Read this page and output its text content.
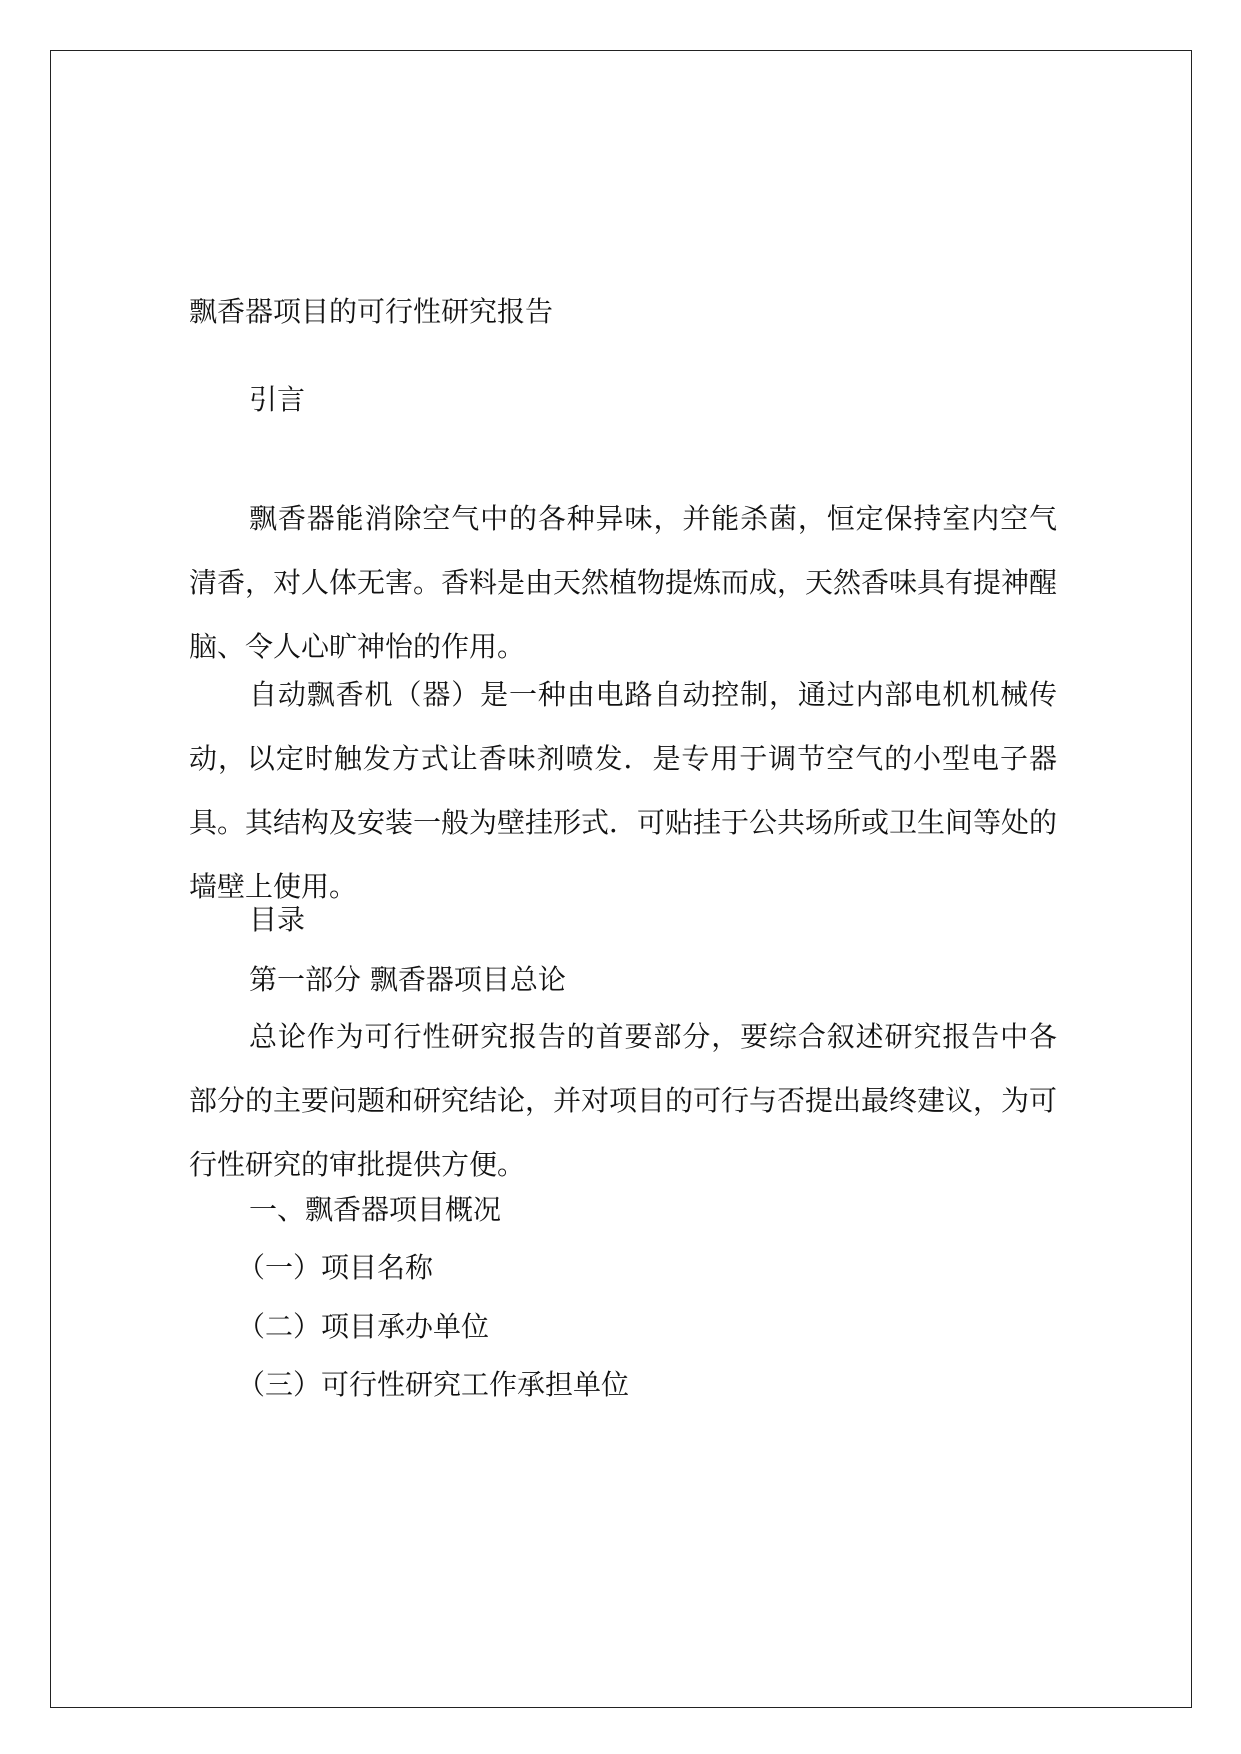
飘香器项目的可行性研究报告
引言
飘香器能消除空气中的各种异味，并能杀菌，恒定保持室内空气清香，对人体无害。香料是由天然植物提炼而成，天然香味具有提神醒脑、令人心旷神怡的作用。
自动飘香机（器）是一种由电路自动控制，通过内部电机机械传动，以定时触发方式让香味剂喷发．是专用于调节空气的小型电子器具。其结构及安装一般为壁挂形式．可贴挂于公共场所或卫生间等处的墙壁上使用。
目录
第一部分 飘香器项目总论
总论作为可行性研究报告的首要部分，要综合叙述研究报告中各部分的主要问题和研究结论，并对项目的可行与否提出最终建议，为可行性研究的审批提供方便。
一、飘香器项目概况
（一）项目名称
（二）项目承办单位
（三）可行性研究工作承担单位
